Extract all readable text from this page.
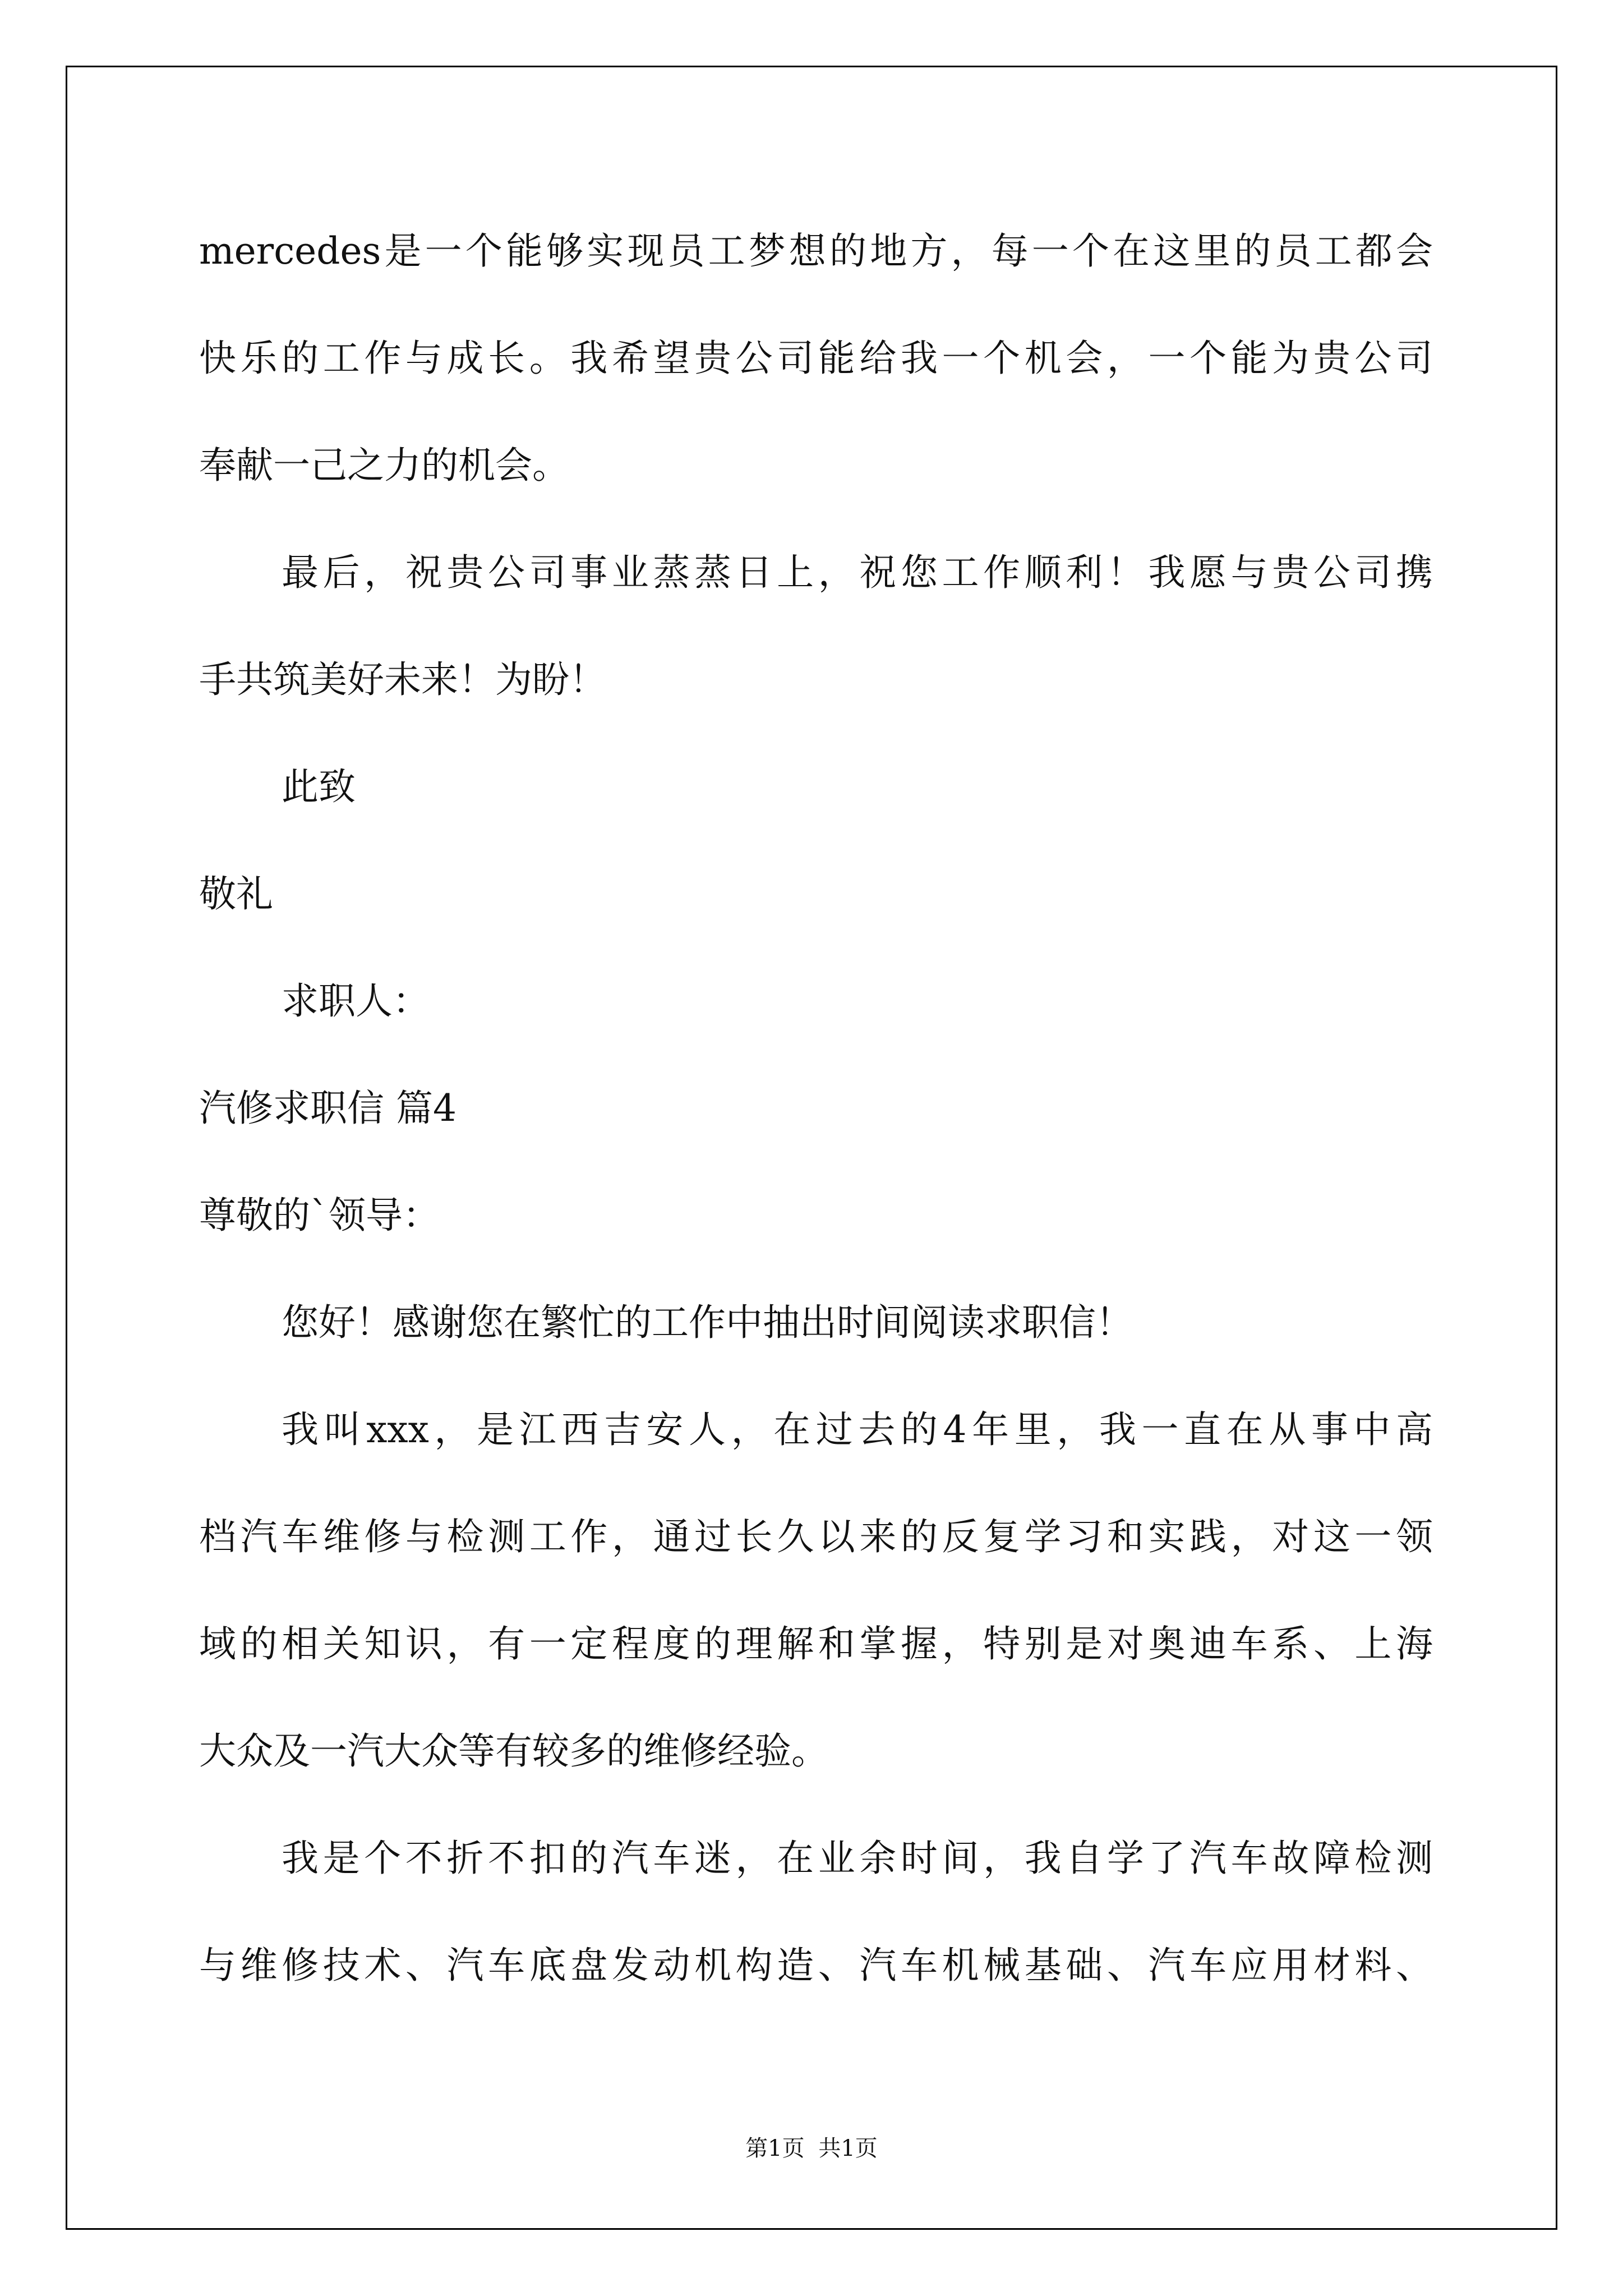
mercedes是一个能够实现员工梦想的地方，每一个在这里的员工都会
快乐的工作与成长。我希望贵公司能给我一个机会，一个能为贵公司
奉献一己之力的机会。
最后，祝贵公司事业蒸蒸日上，祝您工作顺利！我愿与贵公司携
手共筑美好未来！为盼！
此致
敬礼
求职人：
汽修求职信 篇4
尊敬的`领导：
您好！感谢您在繁忙的工作中抽出时间阅读求职信！
我叫xxx，是江西吉安人，在过去的4年里，我一直在从事中高
档汽车维修与检测工作，通过长久以来的反复学习和实践，对这一领
域的相关知识，有一定程度的理解和掌握，特别是对奥迪车系、上海
大众及一汽大众等有较多的维修经验。
我是个不折不扣的汽车迷，在业余时间，我自学了汽车故障检测
与维修技术、汽车底盘发动机构造、汽车机械基础、汽车应用材料、
第1页 共1页
